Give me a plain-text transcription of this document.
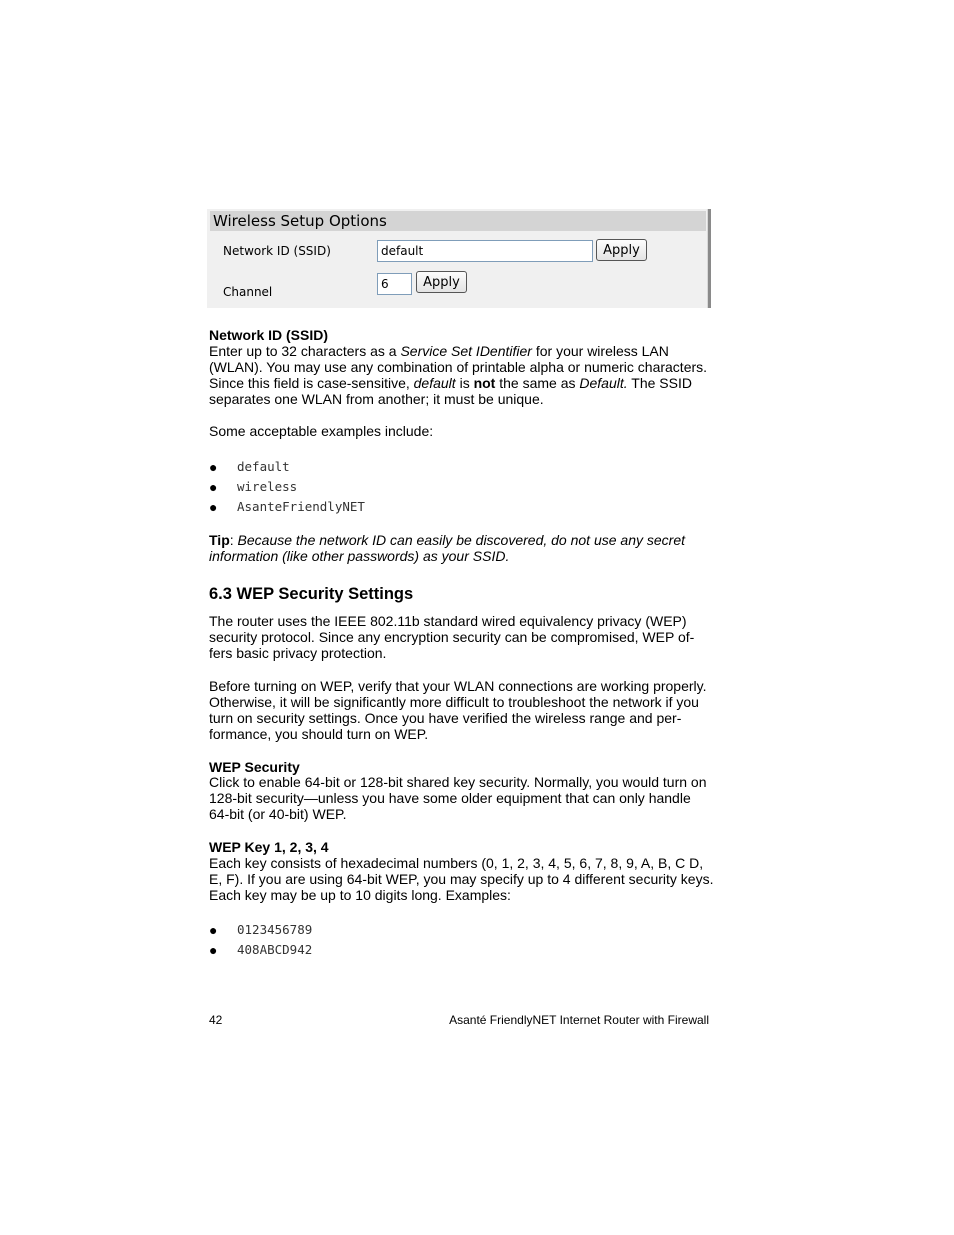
Wireless Setup Options
Network ID (SSID)
default	Apply
Channel
6
Apply

Network ID (SSID)

Enter up to 32 characters as a Service Set IDentifier for your wireless LAN (WLAN). You may use any combination of printable alpha or numeric characters. Since this field is case-sensitive, default is not the same as Default. The SSID separates one WLAN from another; it must be unique.

Some acceptable examples include:

● default
● wireless
● AsanteFriendlyNET

Tip: Because the network ID can easily be discovered, do not use any secret information (like other passwords) as your SSID.

6.3 WEP Security Settings

The router uses the IEEE 802.11b standard wired equivalency privacy (WEP) security protocol. Since any encryption security can be compromised, WEP of-fers basic privacy protection.

Before turning on WEP, verify that your WLAN connections are working properly. Otherwise, it will be significantly more difficult to troubleshoot the network if you turn on security settings. Once you have verified the wireless range and per-formance, you should turn on WEP.

WEP Security

Click to enable 64-bit or 128-bit shared key security. Normally, you would turn on 128-bit security—unless you have some older equipment that can only handle 64-bit (or 40-bit) WEP.

WEP Key 1, 2, 3, 4

Each key consists of hexadecimal numbers (0, 1, 2, 3, 4, 5, 6, 7, 8, 9, A, B, C D, E, F). If you are using 64-bit WEP, you may specify up to 4 different security keys. Each key may be up to 10 digits long. Examples:

● 0123456789
● 408ABCD942
42	Asanté FriendlyNET Internet Router with Firewall
